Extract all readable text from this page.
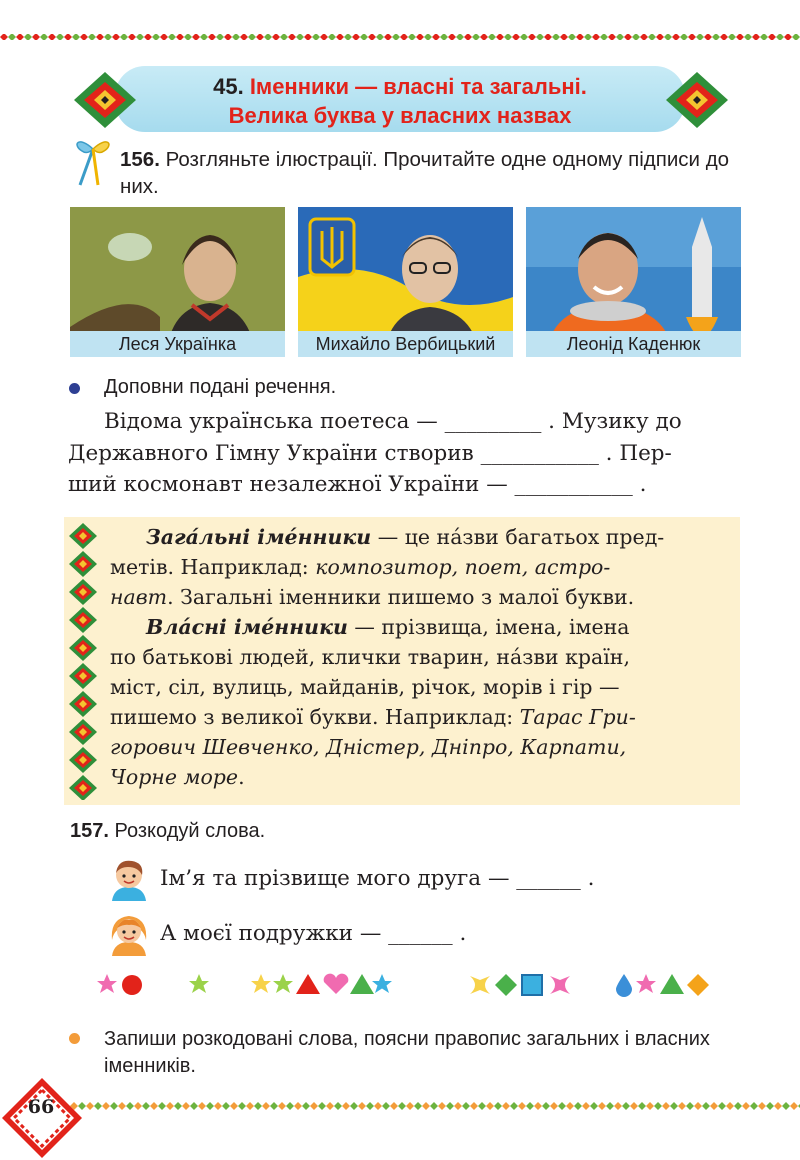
45. Іменники — власні та загальні.
Велика буква у власних назвах
156. Розгляньте ілюстрації. Прочитайте одне одному підписи до них.
Леся Українка	Михайло Вербицький	Леонід Каденюк
Доповни подані речення.
Відома українська поетеса — _________ . Музику до
Державного Гімну України створив ___________ . Пер-
ший космонавт незалежної України — ___________ .
Зага́льні імéнники — це нáзви багатьох пред-
метів. Наприклад: композитор, поет, астро-
навт. Загальні іменники пишемо з малої букви.
Влáсні імéнники — прізвища, імена, імена
по батькові людей, клички тварин, нáзви країн,
міст, сіл, вулиць, майданів, річок, морів і гір —
пишемо з великої букви. Наприклад: Тарас Гри-
горович Шевченко, Дністер, Дніпро, Карпати,
Чорне море.
157. Розкодуй слова.
Ім’я та прізвище мого друга — ______ .
А моєї подружки — ______ .
Запиши розкодовані слова, поясни правопис загальних і власних іменників.
66
